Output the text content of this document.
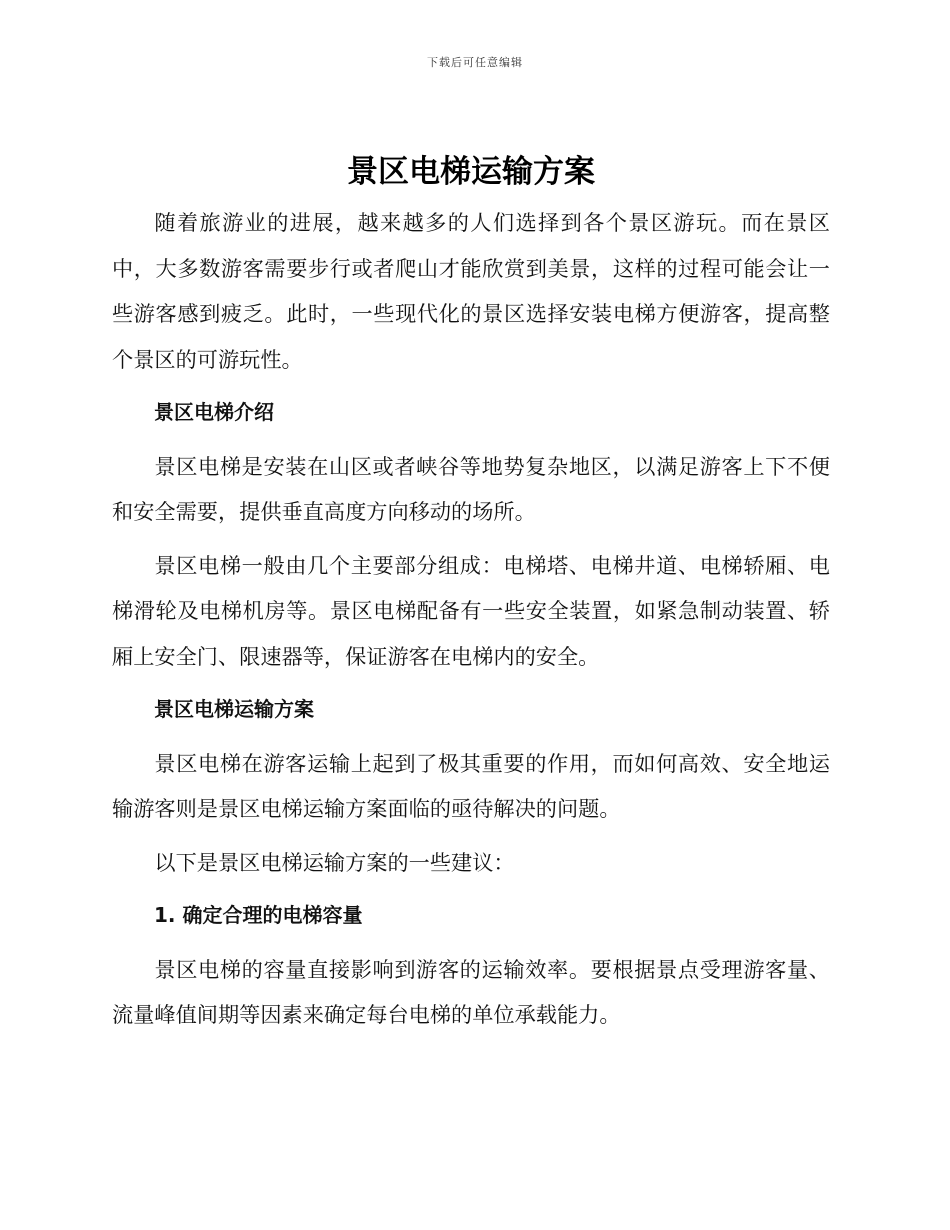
下载后可任意编辑
景区电梯运输方案

随着旅游业的进展，越来越多的人们选择到各个景区游玩。而在景区中，大多数游客需要步行或者爬山才能欣赏到美景，这样的过程可能会让一些游客感到疲乏。此时，一些现代化的景区选择安装电梯方便游客，提高整个景区的可游玩性。

景区电梯介绍

景区电梯是安装在山区或者峡谷等地势复杂地区，以满足游客上下不便和安全需要，提供垂直高度方向移动的场所。

景区电梯一般由几个主要部分组成：电梯塔、电梯井道、电梯轿厢、电梯滑轮及电梯机房等。景区电梯配备有一些安全装置，如紧急制动装置、轿厢上安全门、限速器等，保证游客在电梯内的安全。

景区电梯运输方案

景区电梯在游客运输上起到了极其重要的作用，而如何高效、安全地运输游客则是景区电梯运输方案面临的亟待解决的问题。

以下是景区电梯运输方案的一些建议：

1. 确定合理的电梯容量

景区电梯的容量直接影响到游客的运输效率。要根据景点受理游客量、流量峰值间期等因素来确定每台电梯的单位承载能力。
